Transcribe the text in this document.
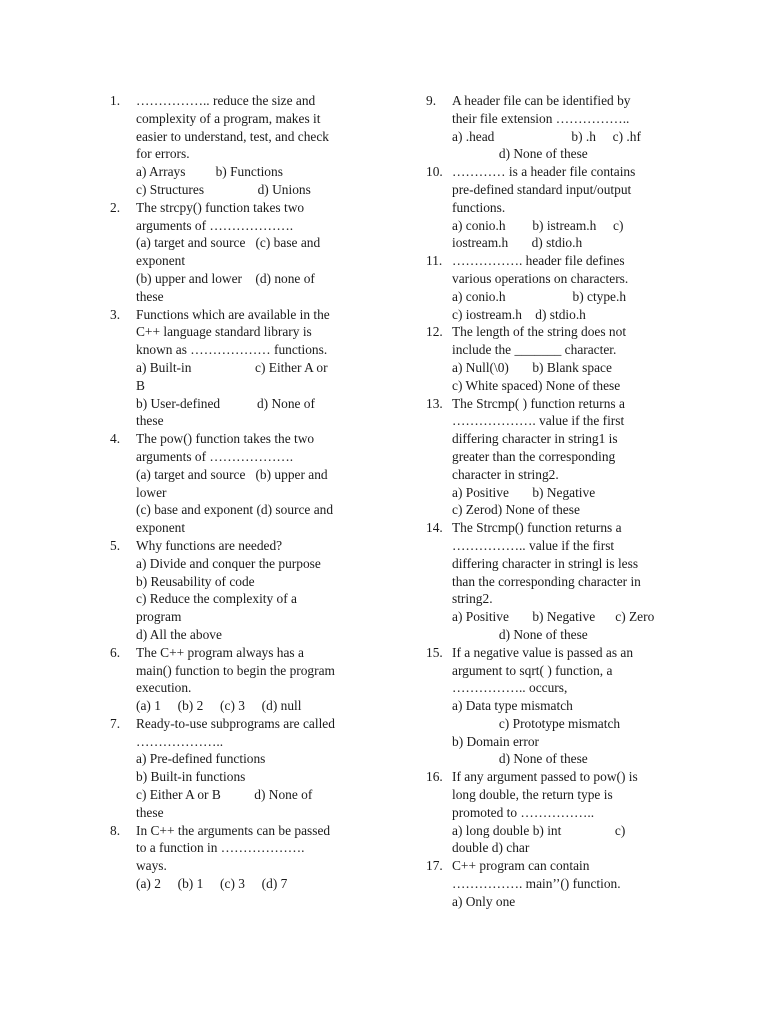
1. …………….. reduce the size and
complexity of a program, makes it
easier to understand, test, and check
for errors.
a) Arrays         b) Functions
c) Structures                d) Unions
2. The strcpy() function takes two
arguments of ……………….
(a) target and source   (c) base and
exponent
(b) upper and lower    (d) none of
these
3. Functions which are available in the
C++ language standard library is
known as ……………… functions.
a) Built-in                   c) Either A or
B
b) User-defined           d) None of
these
4. The pow() function takes the two
arguments of ……………….
(a) target and source   (b) upper and
lower
(c) base and exponent (d) source and
exponent
5. Why functions are needed?
a) Divide and conquer the purpose
b) Reusability of code
c) Reduce the complexity of a
program
d) All the above
6. The C++ program always has a
main() function to begin the program
execution.
(a) 1     (b) 2     (c) 3     (d) null
7. Ready-to-use subprograms are called
………………..
a) Pre-defined functions
b) Built-in functions
c) Either A or B          d) None of
these
8. In C++ the arguments can be passed
to a function in ……………….
ways.
(a) 2     (b) 1     (c) 3     (d) 7
9. A header file can be identified by
their file extension ……………..
a) .head                       b) .h     c) .hf
d) None of these
10. ………… is a header file contains
pre-defined standard input/output
functions.
a) conio.h        b) istream.h     c)
iostream.h       d) stdio.h
11. ……………. header file defines
various operations on characters.
a) conio.h                    b) ctype.h
c) iostream.h    d) stdio.h
12. The length of the string does not
include the _______ character.
a) Null(\0)       b) Blank space
c) White spaced) None of these
13. The Strcmp( ) function returns a
………………. value if the first
differing character in string1 is
greater than the corresponding
character in string2.
a) Positive       b) Negative
c) Zerod) None of these
14. The Strcmp() function returns a
…………….. value if the first
differing character in stringl is less
than the corresponding character in
string2.
a) Positive       b) Negative      c) Zero
d) None of these
15. If a negative value is passed as an
argument to sqrt( ) function, a
…………….. occurs,
a) Data type mismatch
c) Prototype mismatch
b) Domain error
d) None of these
16. If any argument passed to pow() is
long double, the return type is
promoted to ……………..
a) long double b) int                c)
double d) char
17. C++ program can contain
……………. main’’() function.
a) Only one
